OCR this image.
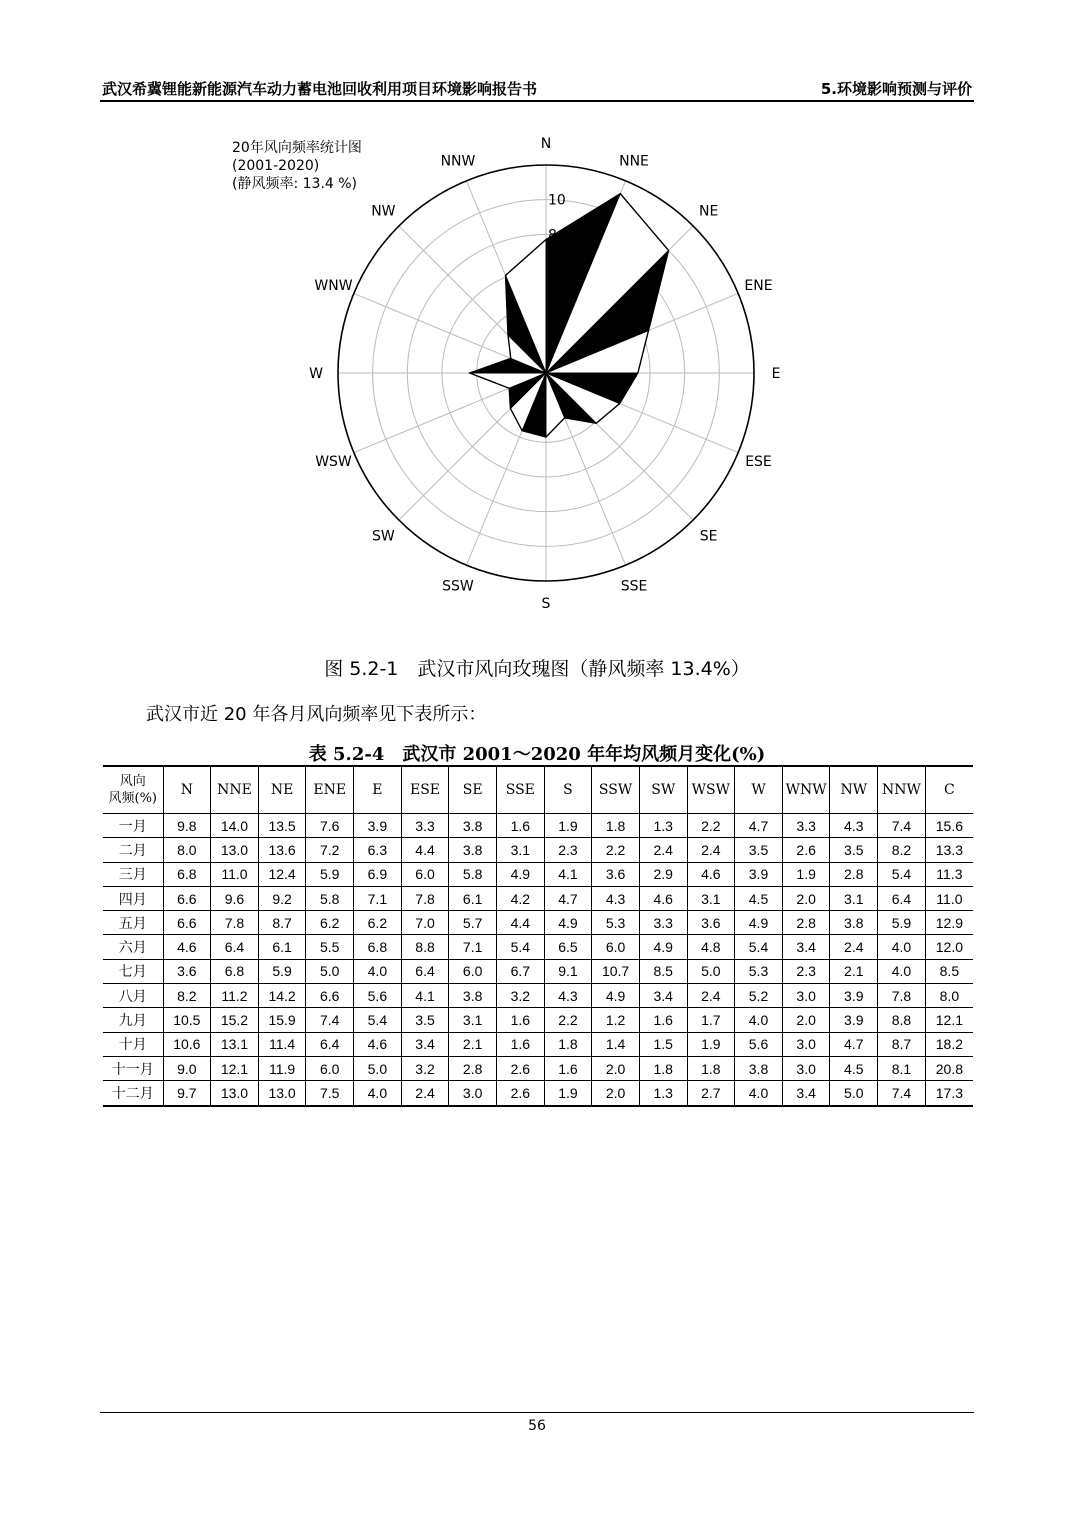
武汉希冀锂能新能源汽车动力蓄电池回收利用项目环境影响报告书	5.环境影响预测与评价
2
4
6
8
10
N
NNE
NE
ENE
E
ESE
SE
SSE
S
SSW
SW
WSW
W
WNW
NW
NNW
20年风向频率统计图
(2001-2020)
(静风频率: 13.4 %)
图 5.2-1　武汉市风向玫瑰图（静风频率 13.4%）
武汉市近 20 年各月风向频率见下表所示：
表 5.2-4　武汉市 2001～2020 年年均风频月变化(%)
风向
风频(%)	N	NNE	NE	ENE	E	ESE	SE	SSE	S	SSW	SW	WSW	W	WNW	NW	NNW	C
一月	9.8	14.0	13.5	7.6	3.9	3.3	3.8	1.6	1.9	1.8	1.3	2.2	4.7	3.3	4.3	7.4	15.6
二月	8.0	13.0	13.6	7.2	6.3	4.4	3.8	3.1	2.3	2.2	2.4	2.4	3.5	2.6	3.5	8.2	13.3
三月	6.8	11.0	12.4	5.9	6.9	6.0	5.8	4.9	4.1	3.6	2.9	4.6	3.9	1.9	2.8	5.4	11.3
四月	6.6	9.6	9.2	5.8	7.1	7.8	6.1	4.2	4.7	4.3	4.6	3.1	4.5	2.0	3.1	6.4	11.0
五月	6.6	7.8	8.7	6.2	6.2	7.0	5.7	4.4	4.9	5.3	3.3	3.6	4.9	2.8	3.8	5.9	12.9
六月	4.6	6.4	6.1	5.5	6.8	8.8	7.1	5.4	6.5	6.0	4.9	4.8	5.4	3.4	2.4	4.0	12.0
七月	3.6	6.8	5.9	5.0	4.0	6.4	6.0	6.7	9.1	10.7	8.5	5.0	5.3	2.3	2.1	4.0	8.5
八月	8.2	11.2	14.2	6.6	5.6	4.1	3.8	3.2	4.3	4.9	3.4	2.4	5.2	3.0	3.9	7.8	8.0
九月	10.5	15.2	15.9	7.4	5.4	3.5	3.1	1.6	2.2	1.2	1.6	1.7	4.0	2.0	3.9	8.8	12.1
十月	10.6	13.1	11.4	6.4	4.6	3.4	2.1	1.6	1.8	1.4	1.5	1.9	5.6	3.0	4.7	8.7	18.2
十一月	9.0	12.1	11.9	6.0	5.0	3.2	2.8	2.6	1.6	2.0	1.8	1.8	3.8	3.0	4.5	8.1	20.8
十二月	9.7	13.0	13.0	7.5	4.0	2.4	3.0	2.6	1.9	2.0	1.3	2.7	4.0	3.4	5.0	7.4	17.3
56
